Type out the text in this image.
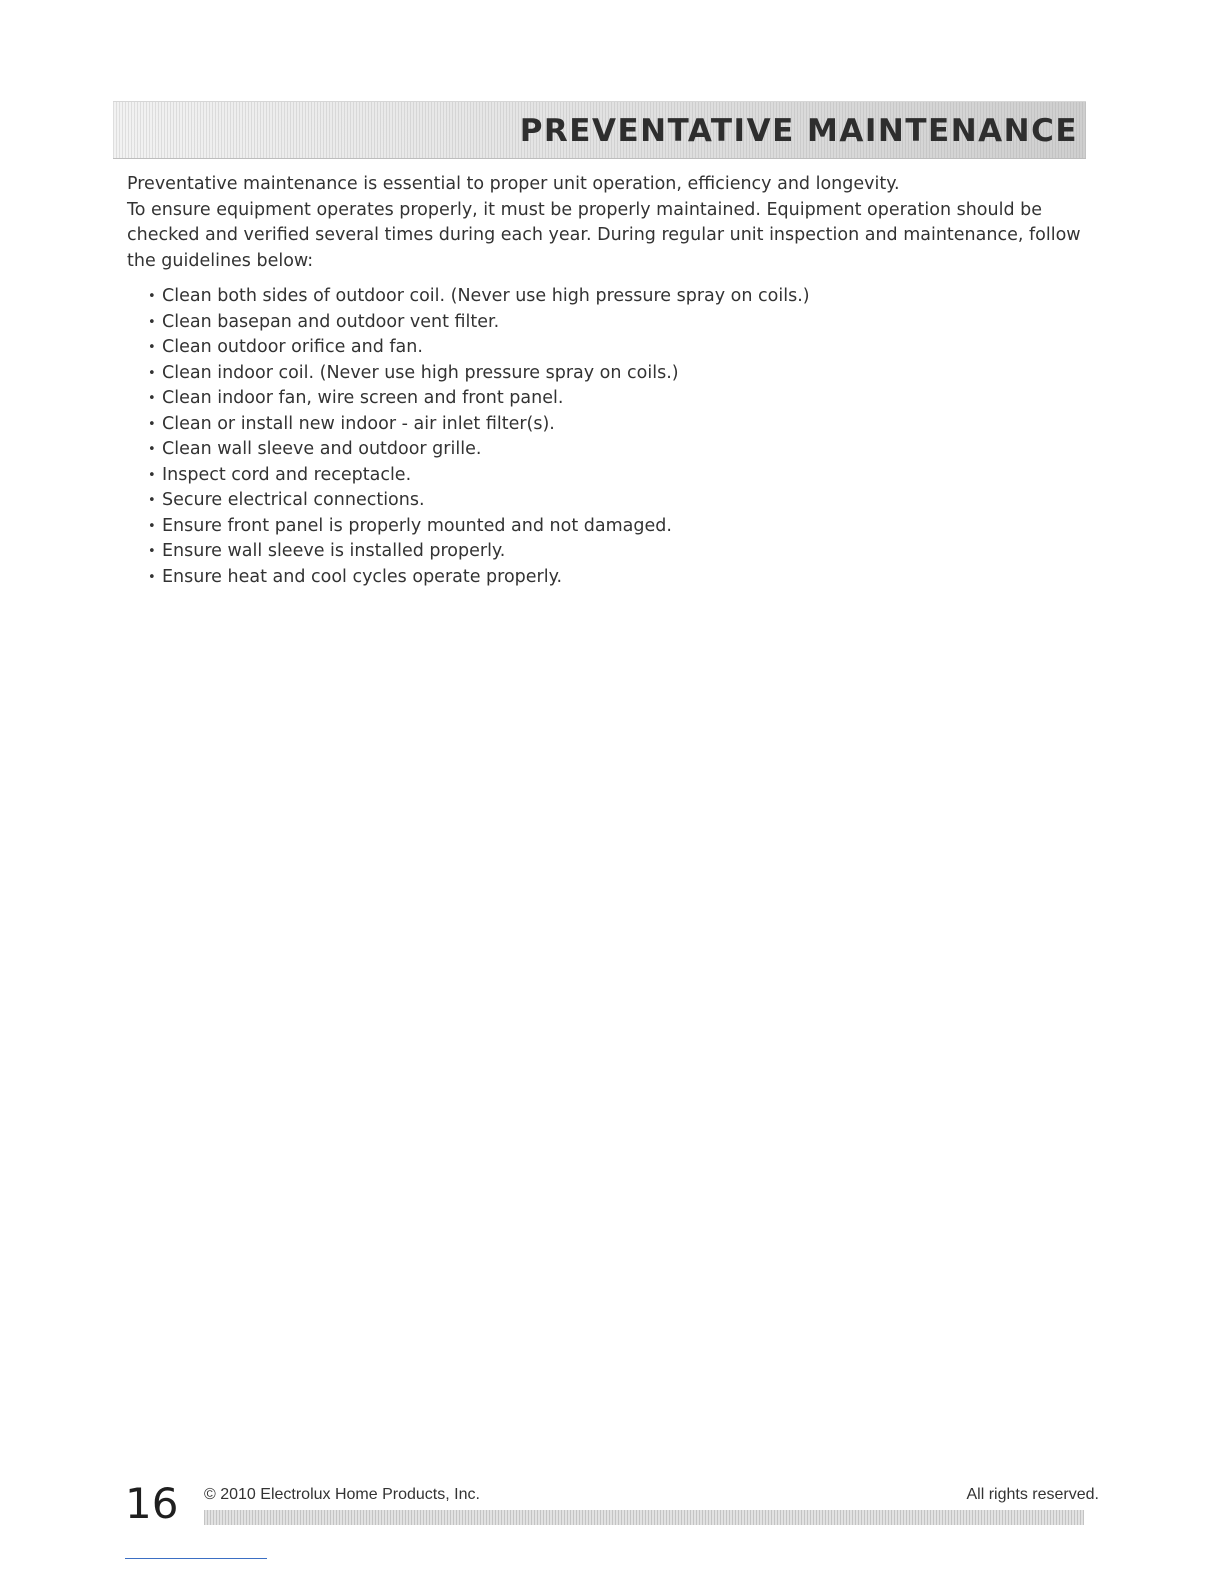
PREVENTATIVE MAINTENANCE

Preventative maintenance is essential to proper unit operation, efficiency and longevity.

To ensure equipment operates properly, it must be properly maintained. Equipment operation should be checked and verified several times during each year. During regular unit inspection and maintenance, follow the guidelines below:

• Clean both sides of outdoor coil. (Never use high pressure spray on coils.)
• Clean basepan and outdoor vent filter.
• Clean outdoor orifice and fan.
• Clean indoor coil. (Never use high pressure spray on coils.)
• Clean indoor fan, wire screen and front panel.
• Clean or install new indoor - air inlet filter(s).
• Clean wall sleeve and outdoor grille.
• Inspect cord and receptacle.
• Secure electrical connections.
• Ensure front panel is properly mounted and not damaged.
• Ensure wall sleeve is installed properly.
• Ensure heat and cool cycles operate properly.
16 © 2010 Electrolux Home Products, Inc.	All rights reserved.
